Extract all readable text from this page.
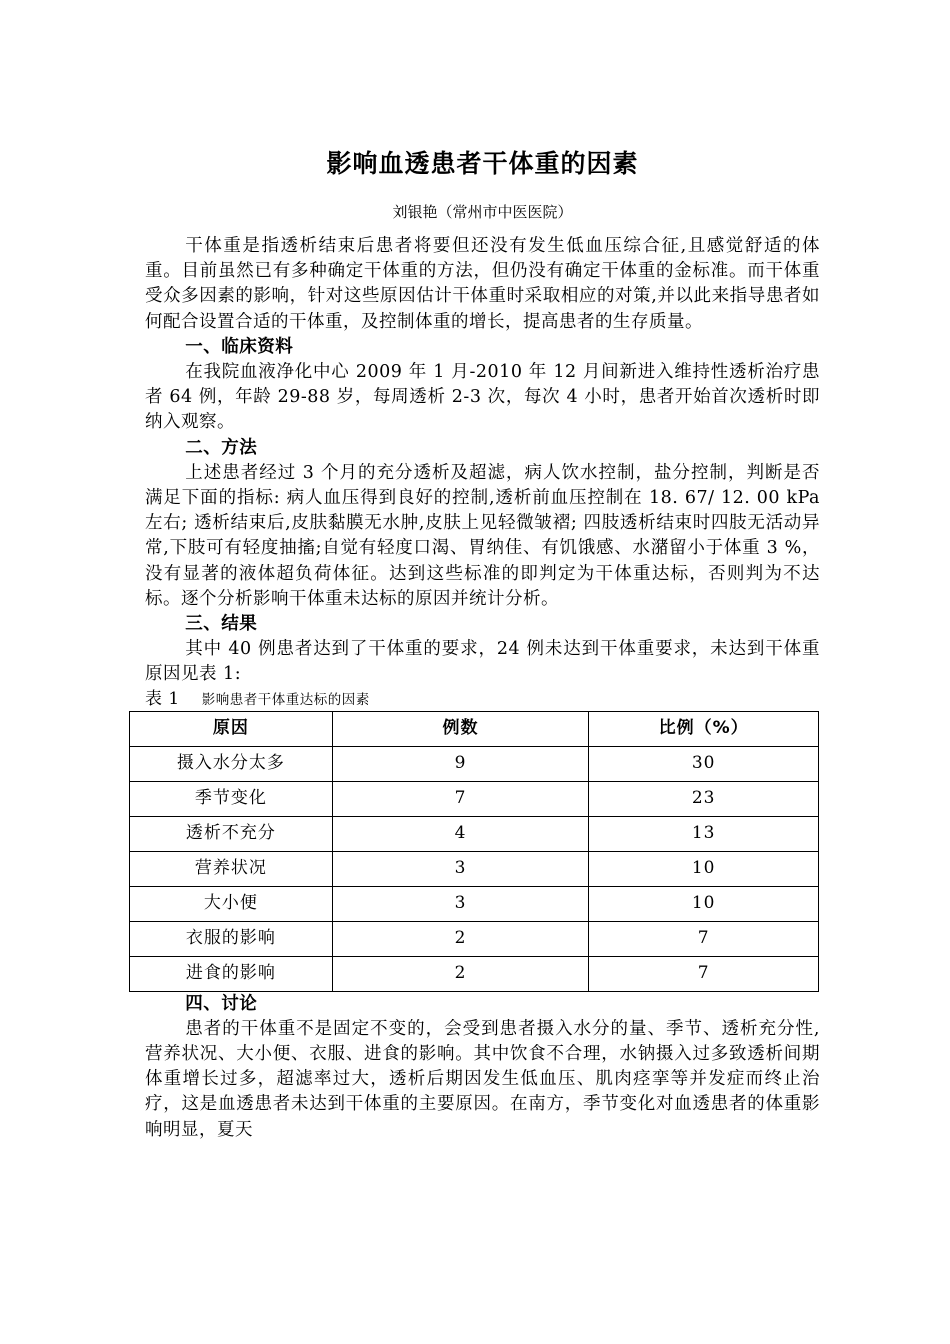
影响血透患者干体重的因素
刘银艳（常州市中医医院）

干体重是指透析结束后患者将要但还没有发生低血压综合征,且感觉舒适的体重。目前虽然已有多种确定干体重的方法，但仍没有确定干体重的金标准。而干体重受众多因素的影响，针对这些原因估计干体重时采取相应的对策,并以此来指导患者如何配合设置合适的干体重，及控制体重的增长，提高患者的生存质量。

一、临床资料

在我院血液净化中心 2009 年 1 月-2010 年 12 月间新进入维持性透析治疗患者 64 例，年龄 29-88 岁，每周透析 2-3 次，每次 4 小时，患者开始首次透析时即纳入观察。

二、方法

上述患者经过 3 个月的充分透析及超滤，病人饮水控制，盐分控制，判断是否满足下面的指标: 病人血压得到良好的控制,透析前血压控制在 18. 67/ 12. 00 kPa 左右; 透析结束后,皮肤黏膜无水肿,皮肤上见轻微皱褶; 四肢透析结束时四肢无活动异常,下肢可有轻度抽搐;自觉有轻度口渴、胃纳佳、有饥饿感、水潴留小于体重 3 %，没有显著的液体超负荷体征。达到这些标准的即判定为干体重达标，否则判为不达标。逐个分析影响干体重未达标的原因并统计分析。

三、结果

其中 40 例患者达到了干体重的要求，24 例未达到干体重要求，未达到干体重原因见表 1:

表 1 影响患者干体重达标的因素
原因	例数	比例（%）
摄入水分太多	9	30
季节变化	7	23
透析不充分	4	13
营养状况	3	10
大小便	3	10
衣服的影响	2	7
进食的影响	2	7
四、讨论

患者的干体重不是固定不变的，会受到患者摄入水分的量、季节、透析充分性,营养状况、大小便、衣服、进食的影响。其中饮食不合理，水钠摄入过多致透析间期体重增长过多，超滤率过大，透析后期因发生低血压、肌肉痉挛等并发症而终止治疗，这是血透患者未达到干体重的主要原因。在南方，季节变化对血透患者的体重影响明显，夏天
